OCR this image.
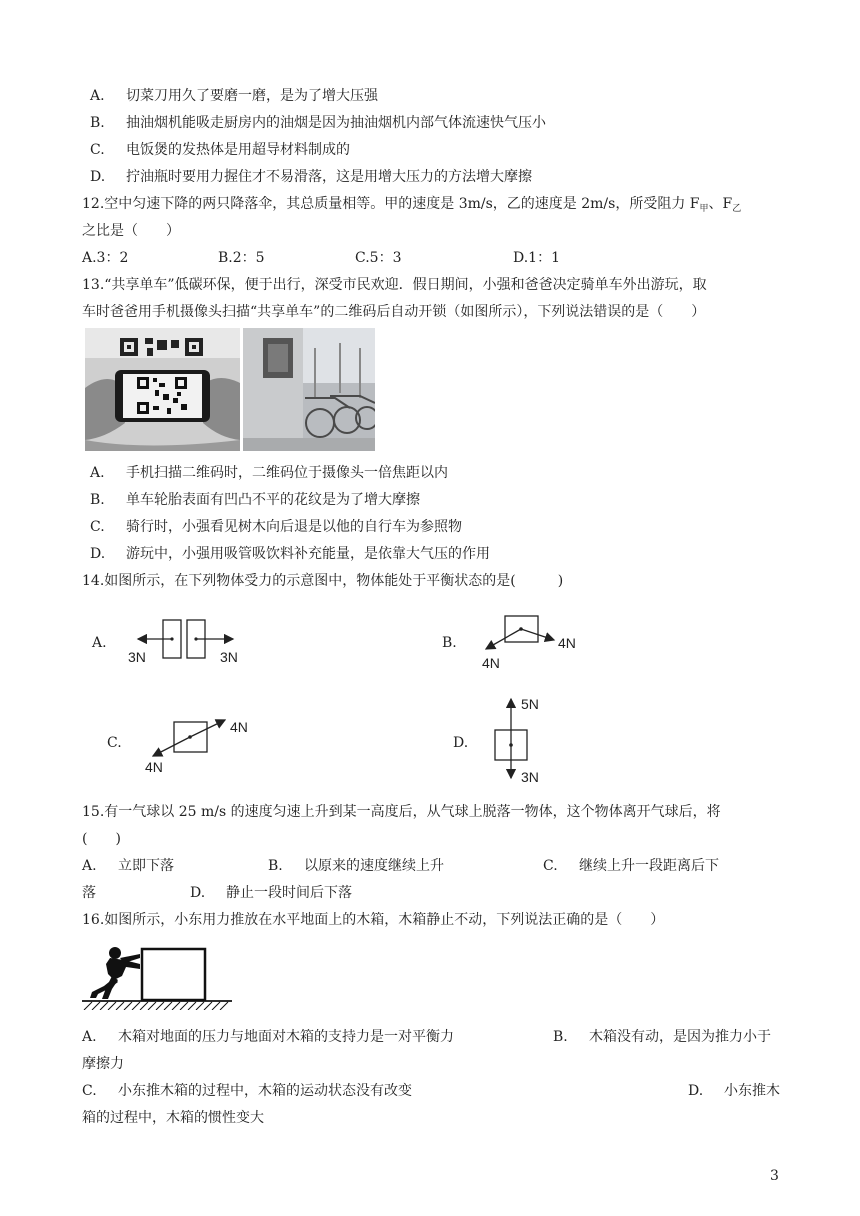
A. 切菜刀用久了要磨一磨，是为了增大压强
B. 抽油烟机能吸走厨房内的油烟是因为抽油烟机内部气体流速快气压小
C. 电饭煲的发热体是用超导材料制成的
D. 拧油瓶时要用力握住才不易滑落，这是用增大压力的方法增大摩擦
12.空中匀速下降的两只降落伞，其总质量相等。甲的速度是 3m/s，乙的速度是 2m/s，所受阻力 $F_甲$、$F_乙$
之比是（　　）
A.3：2	B.2：5	C.5：3	D.1：1
13.“共享单车”低碳环保，便于出行，深受市民欢迎．假日期间，小强和爸爸决定骑单车外出游玩，取
车时爸爸用手机摄像头扫描“共享单车”的二维码后自动开锁（如图所示），下列说法错误的是（　　）
A. 手机扫描二维码时，二维码位于摄像头一倍焦距以内
B. 单车轮胎表面有凹凸不平的花纹是为了增大摩擦
C. 骑行时，小强看见树木向后退是以他的自行车为参照物
D. 游玩中，小强用吸管吸饮料补充能量，是依靠大气压的作用
14.如图所示，在下列物体受力的示意图中，物体能处于平衡状态的是(　　　)
A.
3N	3N
B.	4N
4N
C.
4N
4N
D.
5N
3N
15.有一气球以 25 m/s 的速度匀速上升到某一高度后，从气球上脱落一物体，这个物体离开气球后，将
(　　)
A. 立即下落	B. 以原来的速度继续上升	C. 继续上升一段距离后下
落	D. 静止一段时间后下落
16.如图所示，小东用力推放在水平地面上的木箱，木箱静止不动，下列说法正确的是（　　）
A. 木箱对地面的压力与地面对木箱的支持力是一对平衡力	B. 木箱没有动，是因为推力小于
摩擦力
C. 小东推木箱的过程中，木箱的运动状态没有改变	D. 小东推木
箱的过程中，木箱的惯性变大
3
